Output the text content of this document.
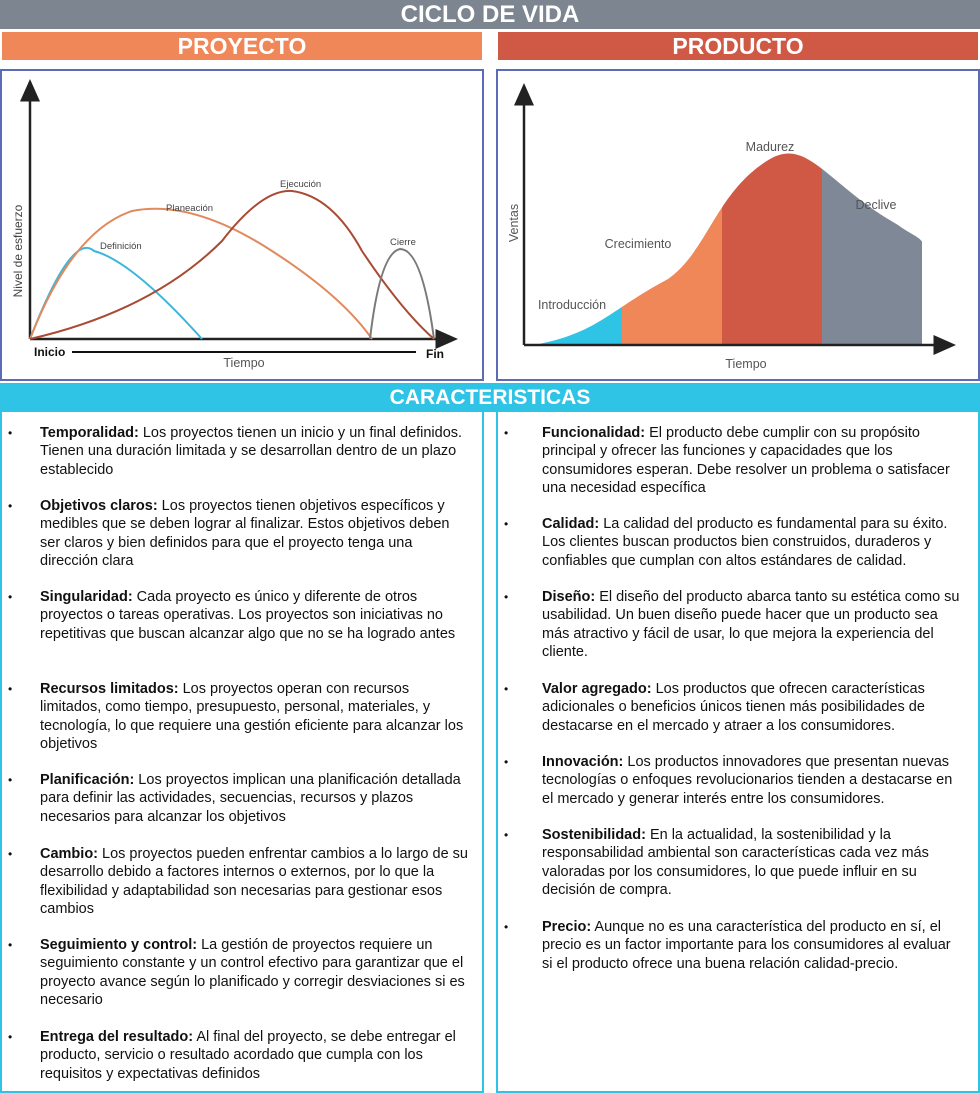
CICLO DE VIDA
PROYECTO	PRODUCTO
Nivel de esfuerzo	Definición
Planeación
Ejecución
Cierre
Inicio	Fin
Tiempo
Ventas
Introducción
Crecimiento
Madurez
Declive
Tiempo
CARACTERISTICAS
• Temporalidad: Los proyectos tienen un inicio y un final definidos. Tienen una duración limitada y se desarrollan dentro de un plazo establecido
• Objetivos claros: Los proyectos tienen objetivos específicos y medibles que se deben lograr al finalizar. Estos objetivos deben ser claros y bien definidos para que el proyecto tenga una dirección clara
• Singularidad: Cada proyecto es único y diferente de otros proyectos o tareas operativas. Los proyectos son iniciativas no repetitivas que buscan alcanzar algo que no se ha logrado antes
• Recursos limitados: Los proyectos operan con recursos limitados, como tiempo, presupuesto, personal, materiales, y tecnología, lo que requiere una gestión eficiente para alcanzar los objetivos
• Planificación: Los proyectos implican una planificación detallada para definir las actividades, secuencias, recursos y plazos necesarios para alcanzar los objetivos
• Cambio: Los proyectos pueden enfrentar cambios a lo largo de su desarrollo debido a factores internos o externos, por lo que la flexibilidad y adaptabilidad son necesarias para gestionar esos cambios
• Seguimiento y control: La gestión de proyectos requiere un seguimiento constante y un control efectivo para garantizar que el proyecto avance según lo planificado y corregir desviaciones si es necesario
• Entrega del resultado: Al final del proyecto, se debe entregar el producto, servicio o resultado acordado que cumpla con los requisitos y expectativas definidos
• Funcionalidad: El producto debe cumplir con su propósito principal y ofrecer las funciones y capacidades que los consumidores esperan. Debe resolver un problema o satisfacer una necesidad específica
• Calidad: La calidad del producto es fundamental para su éxito. Los clientes buscan productos bien construidos, duraderos y confiables que cumplan con altos estándares de calidad.
• Diseño: El diseño del producto abarca tanto su estética como su usabilidad. Un buen diseño puede hacer que un producto sea más atractivo y fácil de usar, lo que mejora la experiencia del cliente.
• Valor agregado: Los productos que ofrecen características adicionales o beneficios únicos tienen más posibilidades de destacarse en el mercado y atraer a los consumidores.
• Innovación: Los productos innovadores que presentan nuevas tecnologías o enfoques revolucionarios tienden a destacarse en el mercado y generar interés entre los consumidores.
• Sostenibilidad: En la actualidad, la sostenibilidad y la responsabilidad ambiental son características cada vez más valoradas por los consumidores, lo que puede influir en su decisión de compra.
• Precio: Aunque no es una característica del producto en sí, el precio es un factor importante para los consumidores al evaluar si el producto ofrece una buena relación calidad-precio.
